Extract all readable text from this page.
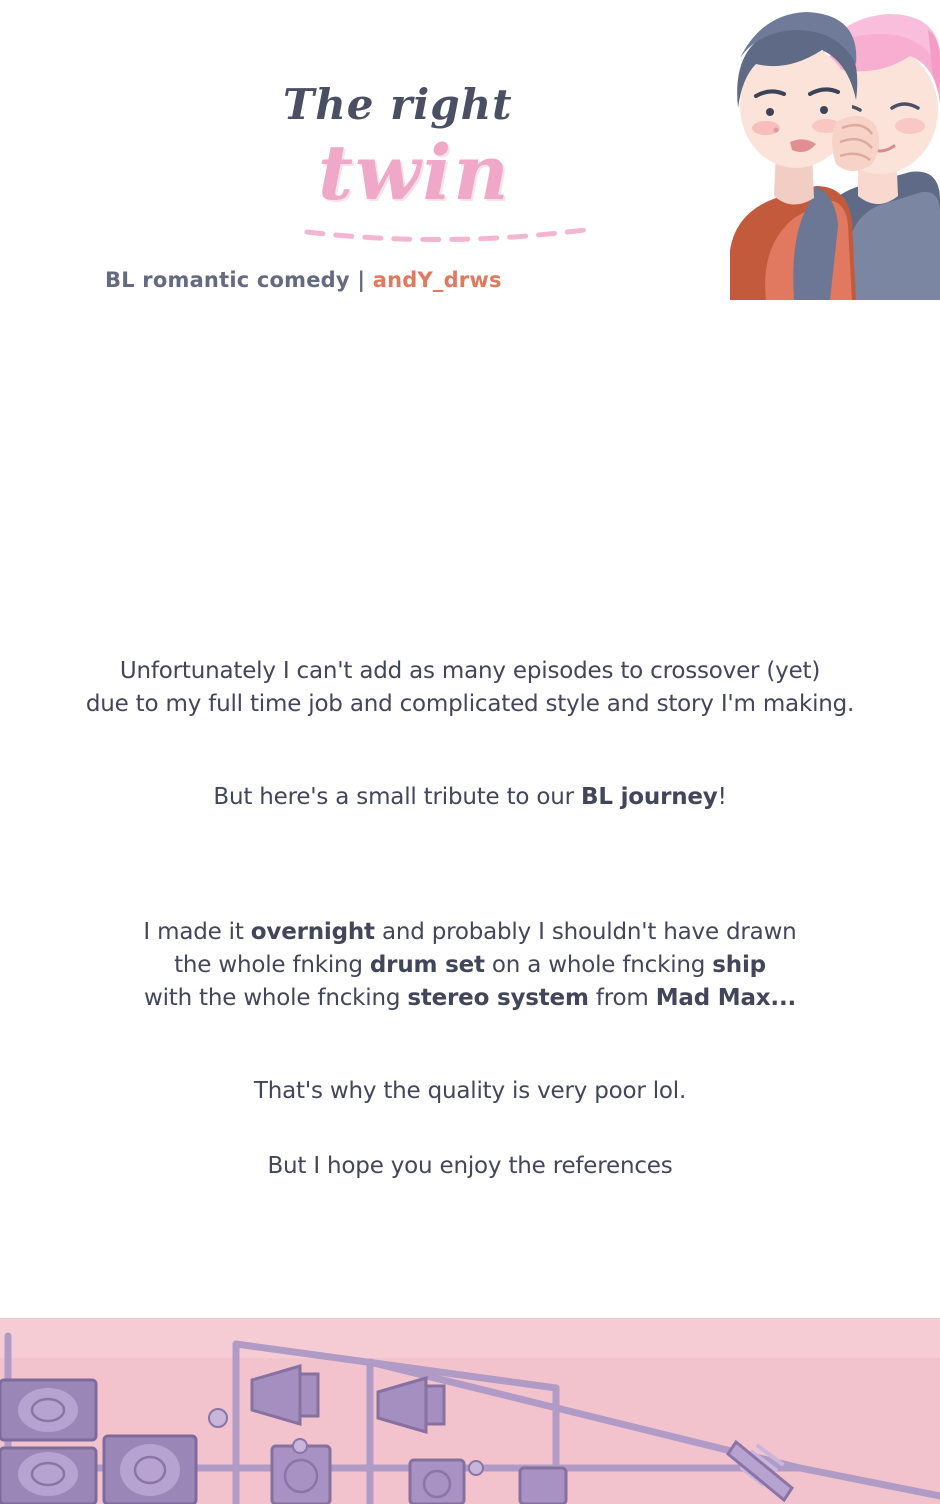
The right
twin
BL romantic comedy | andY_drws
Unfortunately I can't add as many episodes to crossover (yet)
due to my full time job and complicated style and story I'm making.
But here's a small tribute to our BL journey!
I made it overnight and probably I shouldn't have drawn
the whole fnking drum set on a whole fncking ship
with the whole fncking stereo system from Mad Max...
That's why the quality is very poor lol.
But I hope you enjoy the references
